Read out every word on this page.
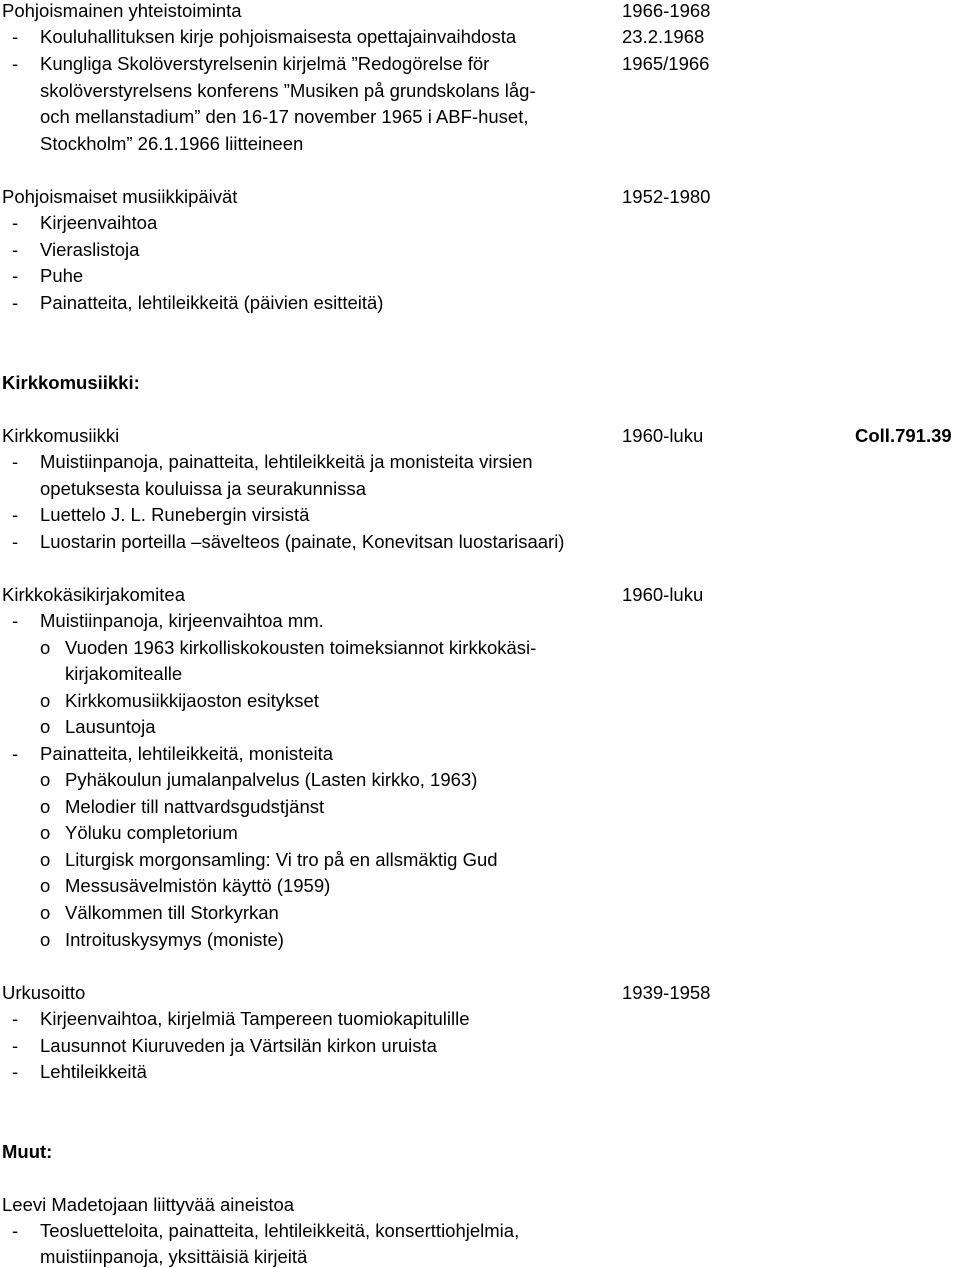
Pohjoismainen yhteistoiminta	1966-1968
- Kouluhallituksen kirje pohjoismaisesta opettajainvaihdosta	23.2.1968
- Kungliga Skolöverstyrelsenin kirjelmä ”Redogörelse för	1965/1966
skolöverstyrelsens konferens ”Musiken på grundskolans låg-
och mellanstadium” den 16-17 november 1965 i ABF-huset,
Stockholm” 26.1.1966 liitteineen
Pohjoismaiset musiikkipäivät	1952-1980
- Kirjeenvaihtoa
- Vieraslistoja
- Puhe
- Painatteita, lehtileikkeitä (päivien esitteitä)
Kirkkomusiikki:
Kirkkomusiikki	1960-luku	Coll.791.39
- Muistiinpanoja, painatteita, lehtileikkeitä ja monisteita virsien
opetuksesta kouluissa ja seurakunnissa
- Luettelo J. L. Runebergin virsistä
- Luostarin porteilla –sävelteos (painate, Konevitsan luostarisaari)
Kirkkokäsikirjakomitea	1960-luku
- Muistiinpanoja, kirjeenvaihtoa mm.
o Vuoden 1963 kirkolliskokousten toimeksiannot kirkkokäsi-
kirjakomitealle
o Kirkkomusiikkijaoston esitykset
o Lausuntoja
- Painatteita, lehtileikkeitä, monisteita
o Pyhäkoulun jumalanpalvelus (Lasten kirkko, 1963)
o Melodier till nattvardsgudstjänst
o Yöluku completorium
o Liturgisk morgonsamling: Vi tro på en allsmäktig Gud
o Messusävelmistön käyttö (1959)
o Välkommen till Storkyrkan
o Introituskysymys (moniste)
Urkusoitto	1939-1958
- Kirjeenvaihtoa, kirjelmiä Tampereen tuomiokapitulille
- Lausunnot Kiuruveden ja Värtsilän kirkon uruista
- Lehtileikkeitä
Muut:
Leevi Madetojaan liittyvää aineistoa
- Teosluetteloita, painatteita, lehtileikkeitä, konserttiohjelmia,
muistiinpanoja, yksittäisiä kirjeitä
